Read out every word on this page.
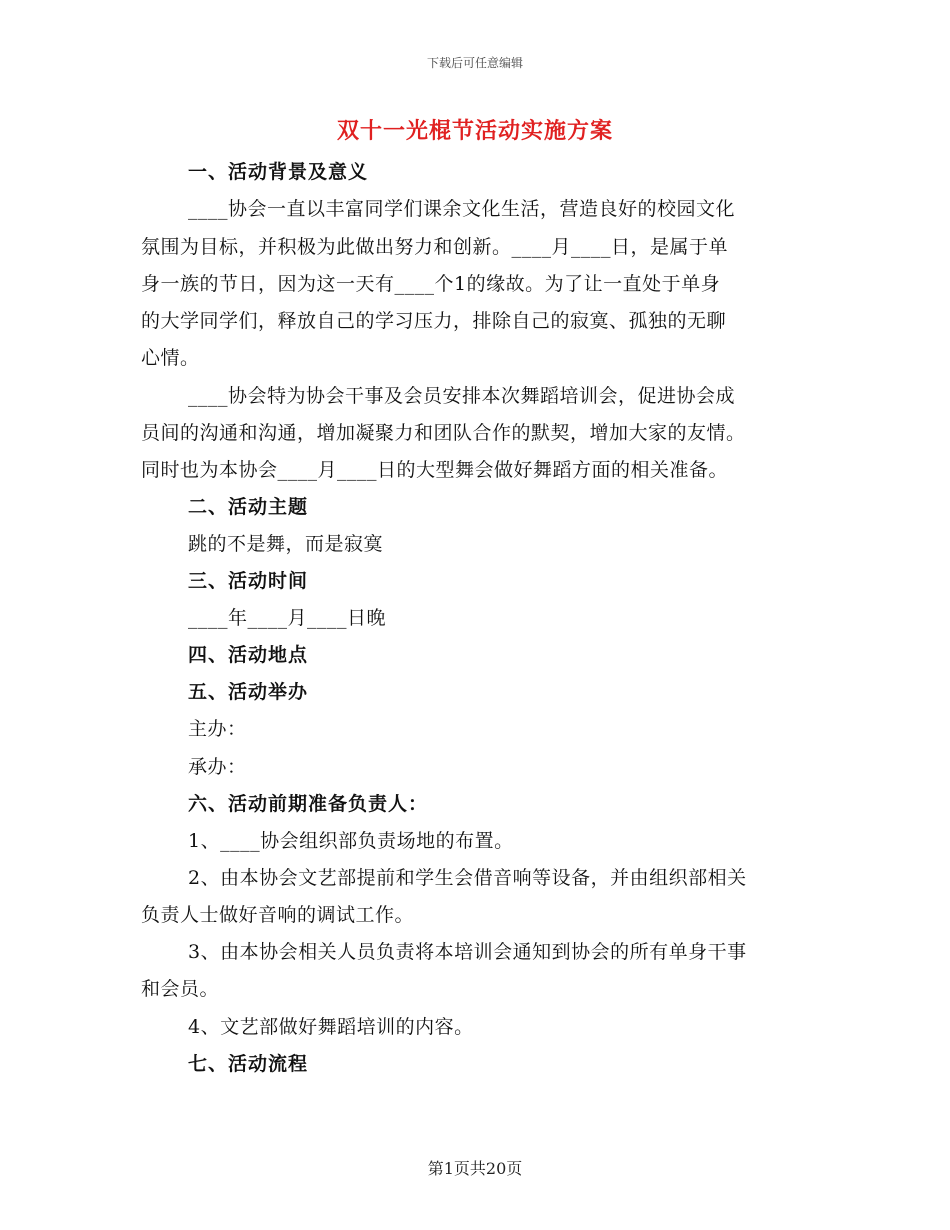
下载后可任意编辑
双十一光棍节活动实施方案
一、活动背景及意义
____协会一直以丰富同学们课余文化生活，营造良好的校园文化
氛围为目标，并积极为此做出努力和创新。____月____日，是属于单
身一族的节日，因为这一天有____个1的缘故。为了让一直处于单身
的大学同学们，释放自己的学习压力，排除自己的寂寞、孤独的无聊
心情。
____协会特为协会干事及会员安排本次舞蹈培训会，促进协会成
员间的沟通和沟通，增加凝聚力和团队合作的默契，增加大家的友情。
同时也为本协会____月____日的大型舞会做好舞蹈方面的相关准备。
二、活动主题
跳的不是舞，而是寂寞
三、活动时间
____年____月____日晚
四、活动地点
五、活动举办
主办：
承办：
六、活动前期准备负责人：
1、____协会组织部负责场地的布置。
2、由本协会文艺部提前和学生会借音响等设备，并由组织部相关
负责人士做好音响的调试工作。
3、由本协会相关人员负责将本培训会通知到协会的所有单身干事
和会员。
4、文艺部做好舞蹈培训的内容。
七、活动流程
第1页共20页
